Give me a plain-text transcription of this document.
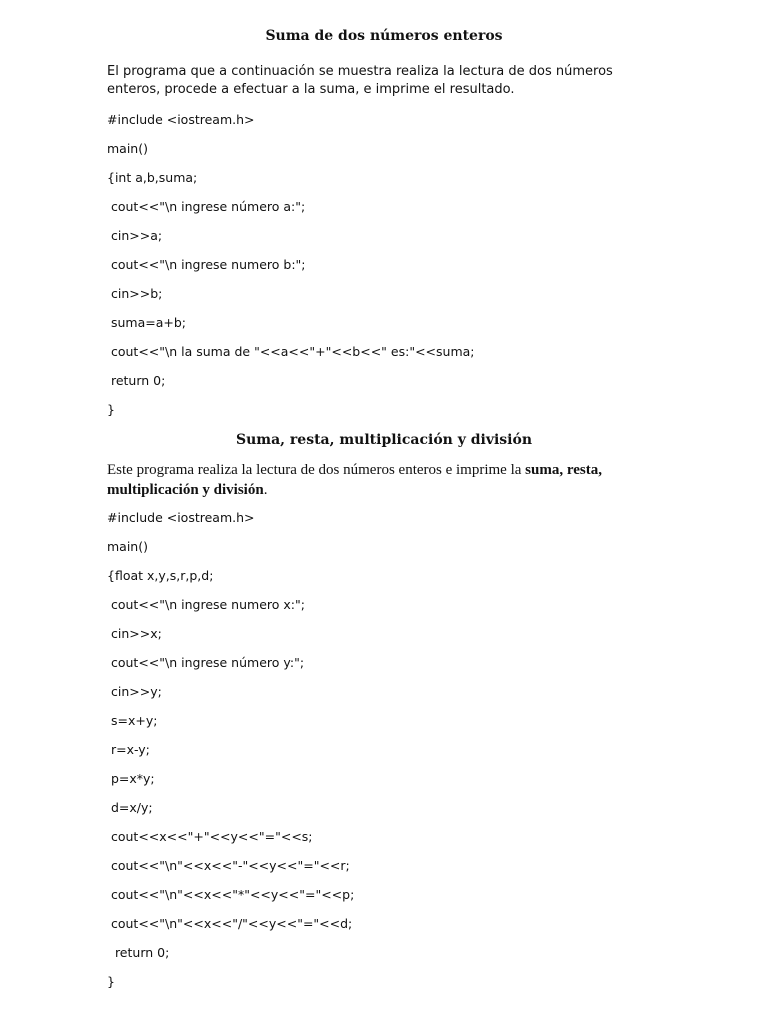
Suma de dos números enteros
El programa que a continuación se muestra realiza la lectura de dos números enteros, procede a efectuar a la suma, e imprime el resultado.
#include <iostream.h>
main()
{int a,b,suma;
cout<<"\n ingrese número a:";
cin>>a;
cout<<"\n ingrese numero b:";
cin>>b;
suma=a+b;
cout<<"\n la suma de "<<a<<"+"<<b<<" es:"<<suma;
return 0;
}
Suma, resta, multiplicación y división
Este programa realiza la lectura de dos números enteros e imprime la suma, resta, multiplicación y división.
#include <iostream.h>
main()
{float x,y,s,r,p,d;
cout<<"\n ingrese numero x:";
cin>>x;
cout<<"\n ingrese número y:";
cin>>y;
s=x+y;
r=x-y;
p=x*y;
d=x/y;
cout<<x<<"+"<<y<<"="<<s;
cout<<"\n"<<x<<"-"<<y<<"="<<r;
cout<<"\n"<<x<<"*"<<y<<"="<<p;
cout<<"\n"<<x<<"/"<<y<<"="<<d;
return 0;
}
